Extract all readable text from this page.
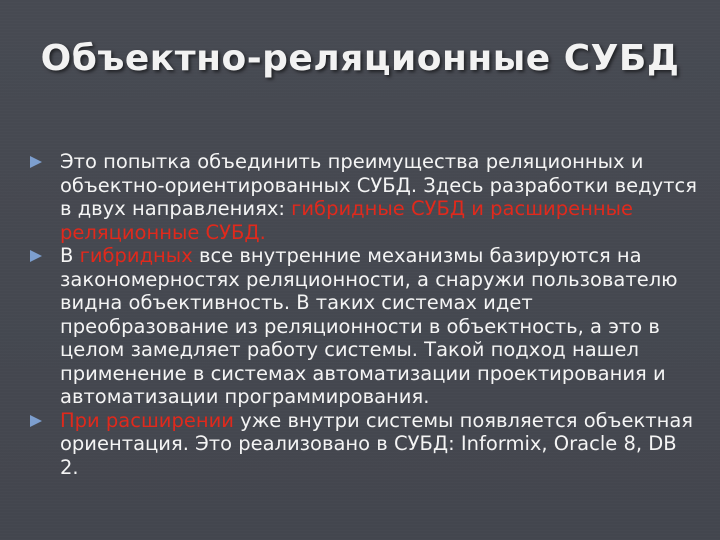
Объектно-реляционные СУБД
Это попытка объединить преимущества реляционных и объектно-ориентированных СУБД. Здесь разработки ведутся в двух направлениях: гибридные СУБД и расширенные реляционные СУБД.
В гибридных все внутренние механизмы базируются на закономерностях реляционности, а снаружи пользователю видна объективность. В таких системах идет преобразование из реляционности в объектность, а это в целом замедляет работу системы. Такой подход нашел применение в системах автоматизации проектирования и автоматизации программирования.
При расширении уже внутри системы появляется объектная ориентация. Это реализовано в СУБД: Informix, Oracle 8, DB 2.
